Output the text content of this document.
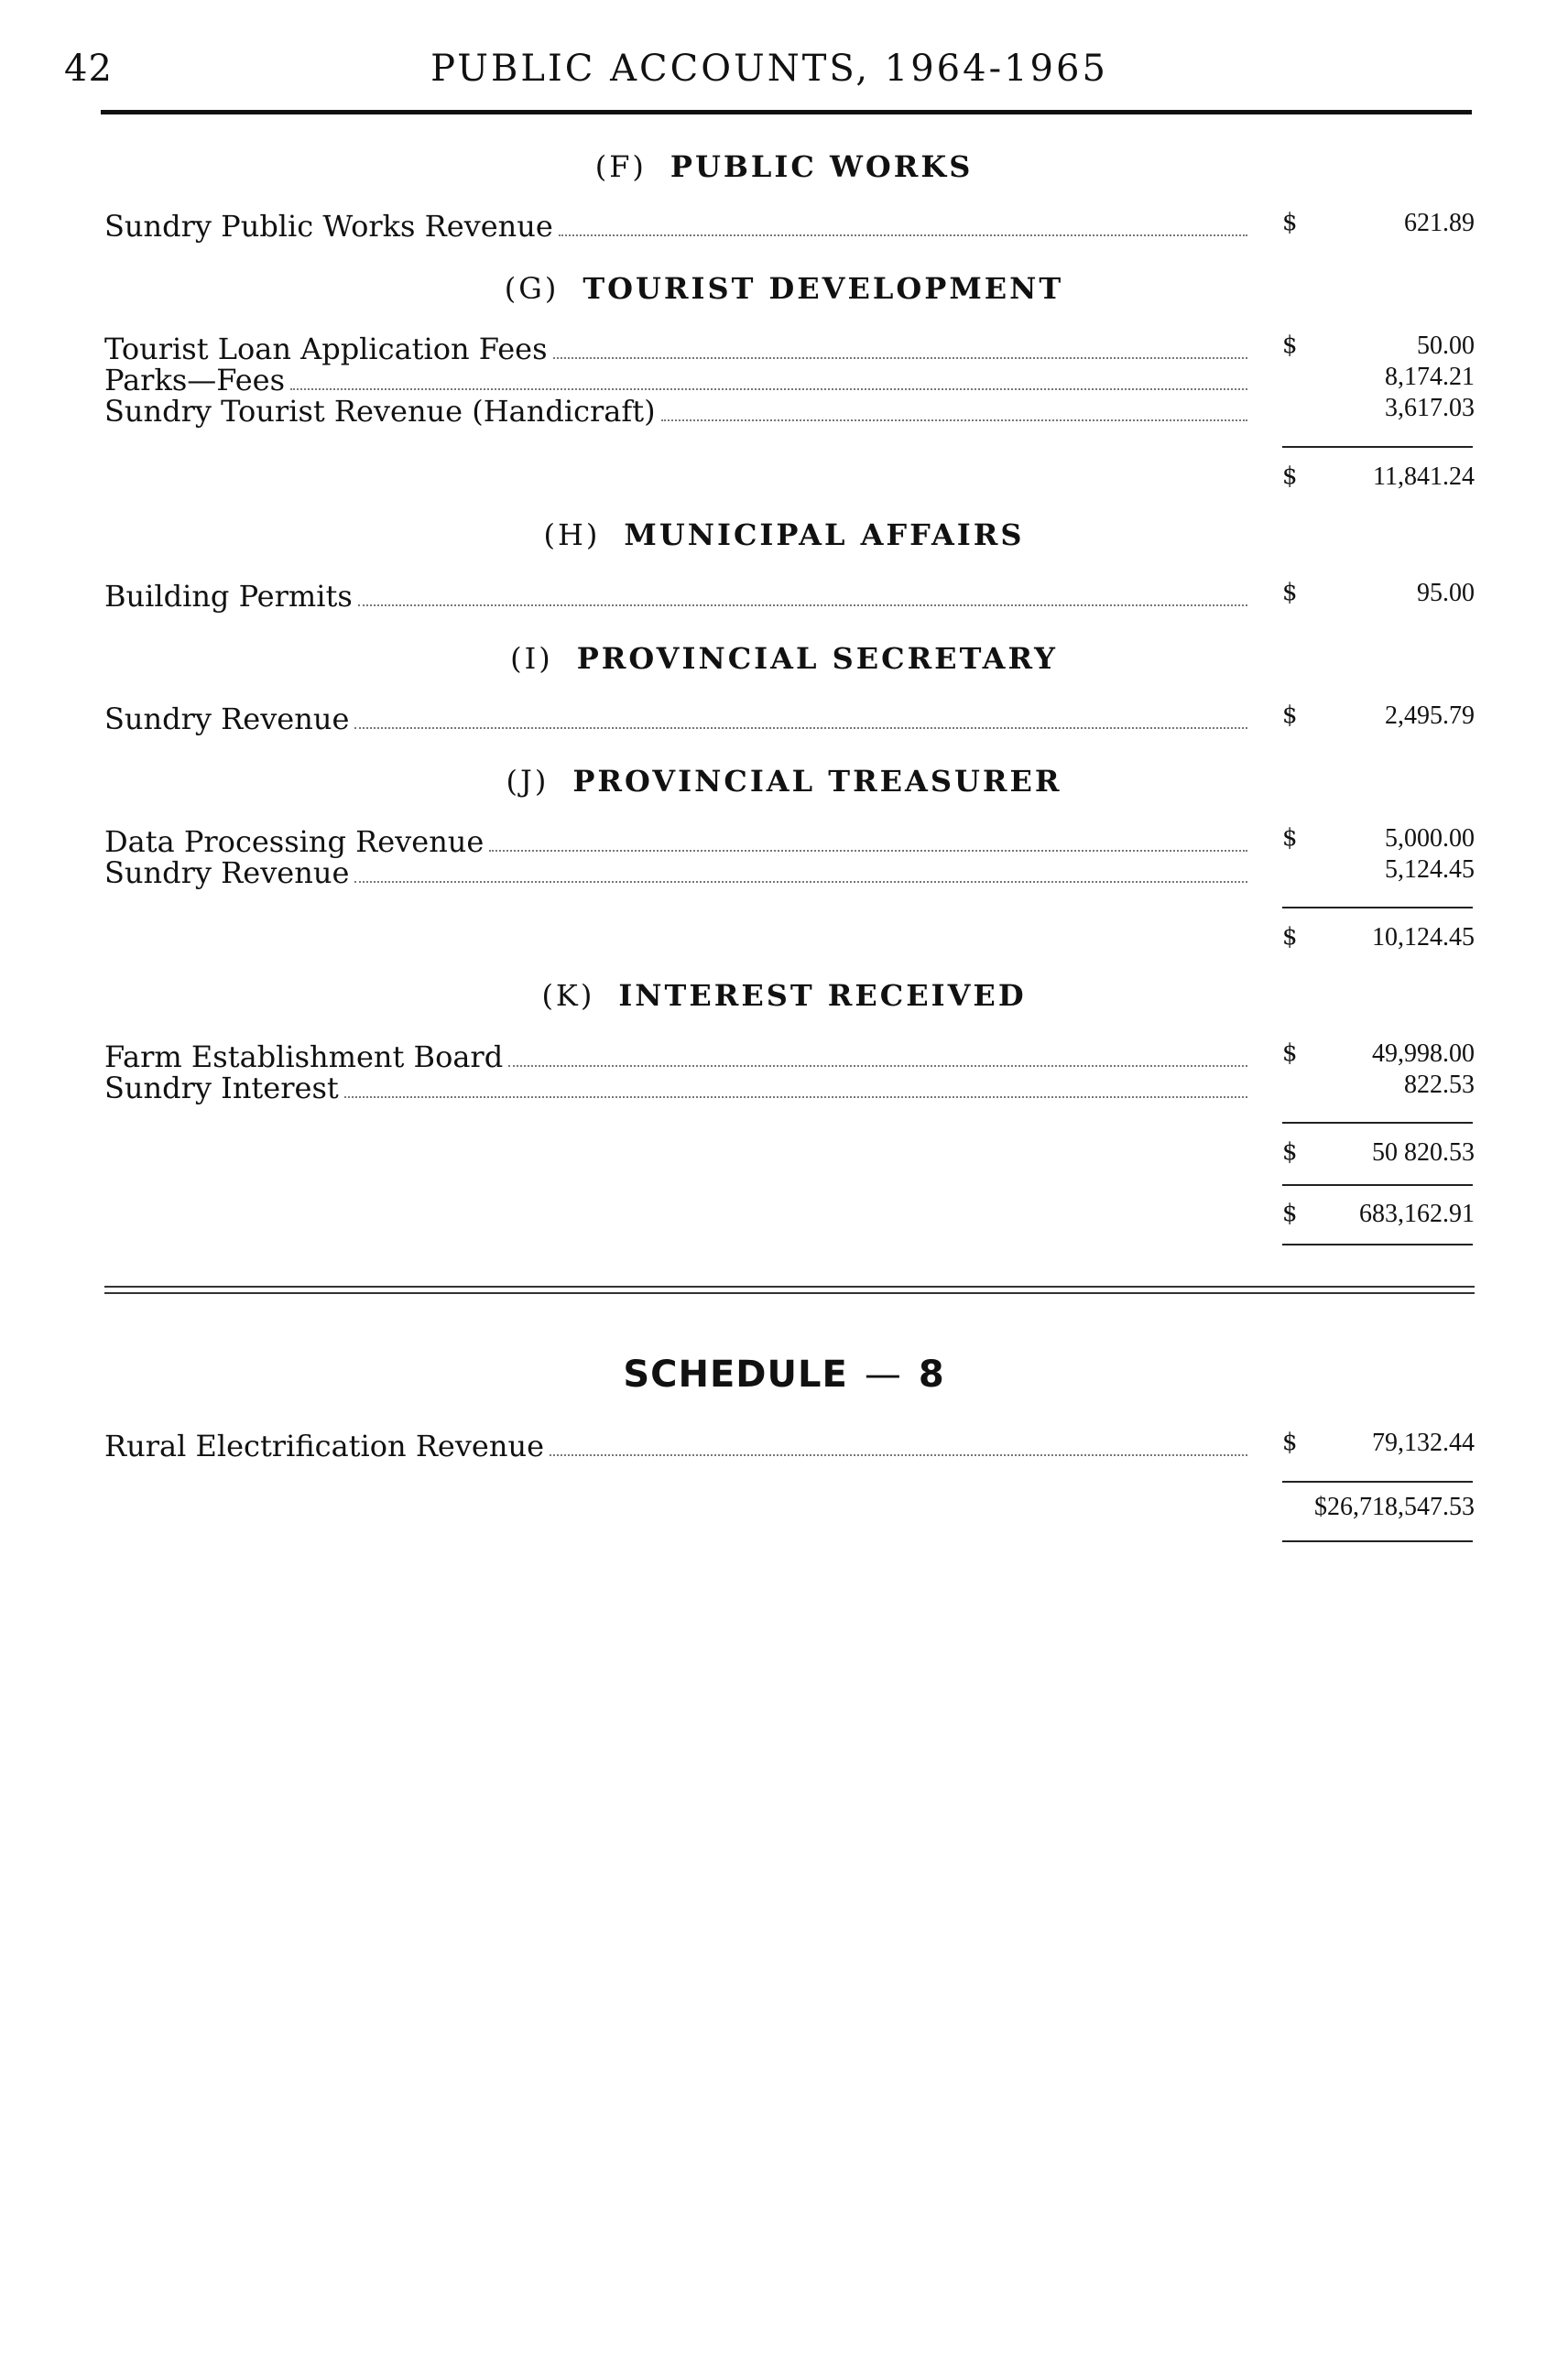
42	PUBLIC ACCOUNTS, 1964-1965
(F) PUBLIC WORKS
Sundry Public Works Revenue	$	621.89
(G) TOURIST DEVELOPMENT
Tourist Loan Application Fees	$	50.00
Parks—Fees	8,174.21
Sundry Tourist Revenue (Handicraft)	3,617.03
$	11,841.24
(H) MUNICIPAL AFFAIRS
Building Permits	$	95.00
(I) PROVINCIAL SECRETARY
Sundry Revenue	$	2,495.79
(J) PROVINCIAL TREASURER
Data Processing Revenue	$	5,000.00
Sundry Revenue	5,124.45
$	10,124.45
(K) INTEREST RECEIVED
Farm Establishment Board	$	49,998.00
Sundry Interest	822.53
$	50 820.53
$	683,162.91
SCHEDULE — 8
Rural Electrification Revenue	$	79,132.44
$26,718,547.53
